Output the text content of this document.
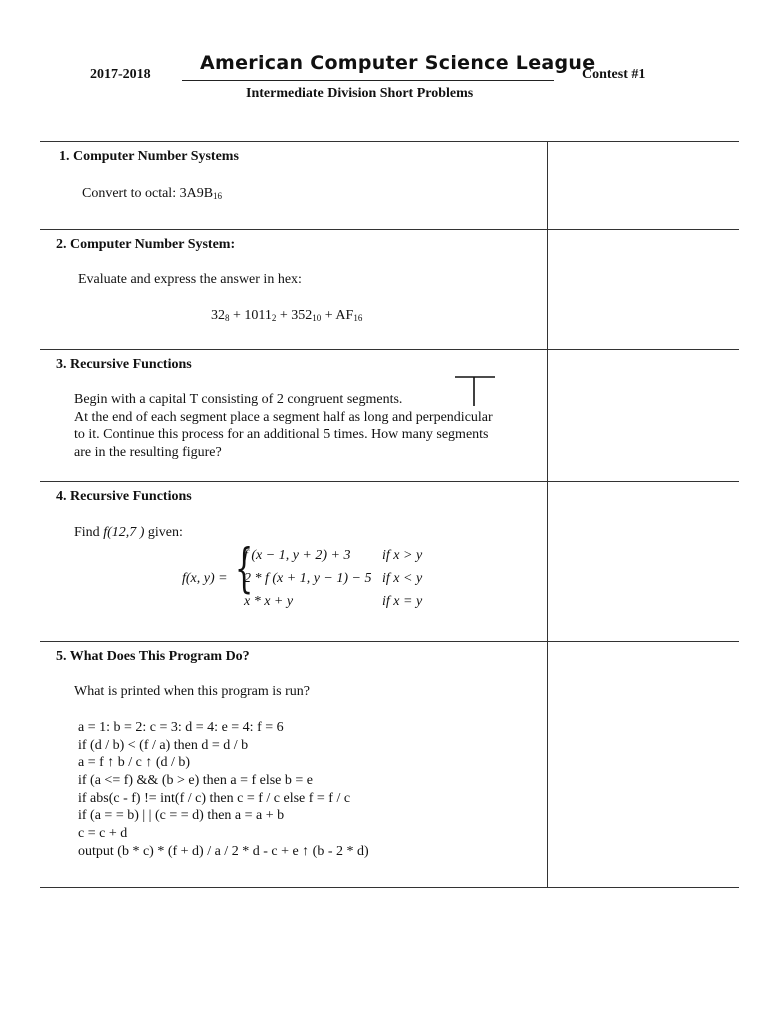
2017-2018
American Computer Science League
Contest #1
Intermediate Division Short Problems
1. Computer Number Systems
Convert to octal: $3A9B_{16}$
2. Computer Number System:
Evaluate and express the answer in hex:
$32_8 + 1011_2 + 352_{10} + AF_{16}$
3. Recursive Functions
Begin with a capital T consisting of 2 congruent segments.
At the end of each segment place a segment half as long and perpendicular
to it. Continue this process for an additional 5 times. How many segments
are in the resulting figure?
4. Recursive Functions
Find f(12,7 ) given:
f(x, y) = {
f (x − 1, y + 2) + 3
2 * f (x + 1, y − 1) − 5
x * x + y
if x > y
if x < y
if x = y
5. What Does This Program Do?
What is printed when this program is run?
a = 1: b = 2: c = 3: d = 4: e = 4: f = 6
if (d / b) < (f / a) then d = d / b
a = f ↑ b / c ↑ (d / b)
if (a <= f) && (b > e) then a = f else b = e
if abs(c - f) != int(f / c) then c = f / c else f = f / c
if (a = = b) | | (c = = d) then a = a + b
c = c + d
output (b * c) * (f + d) / a / 2 * d - c + e ↑ (b - 2 * d)
